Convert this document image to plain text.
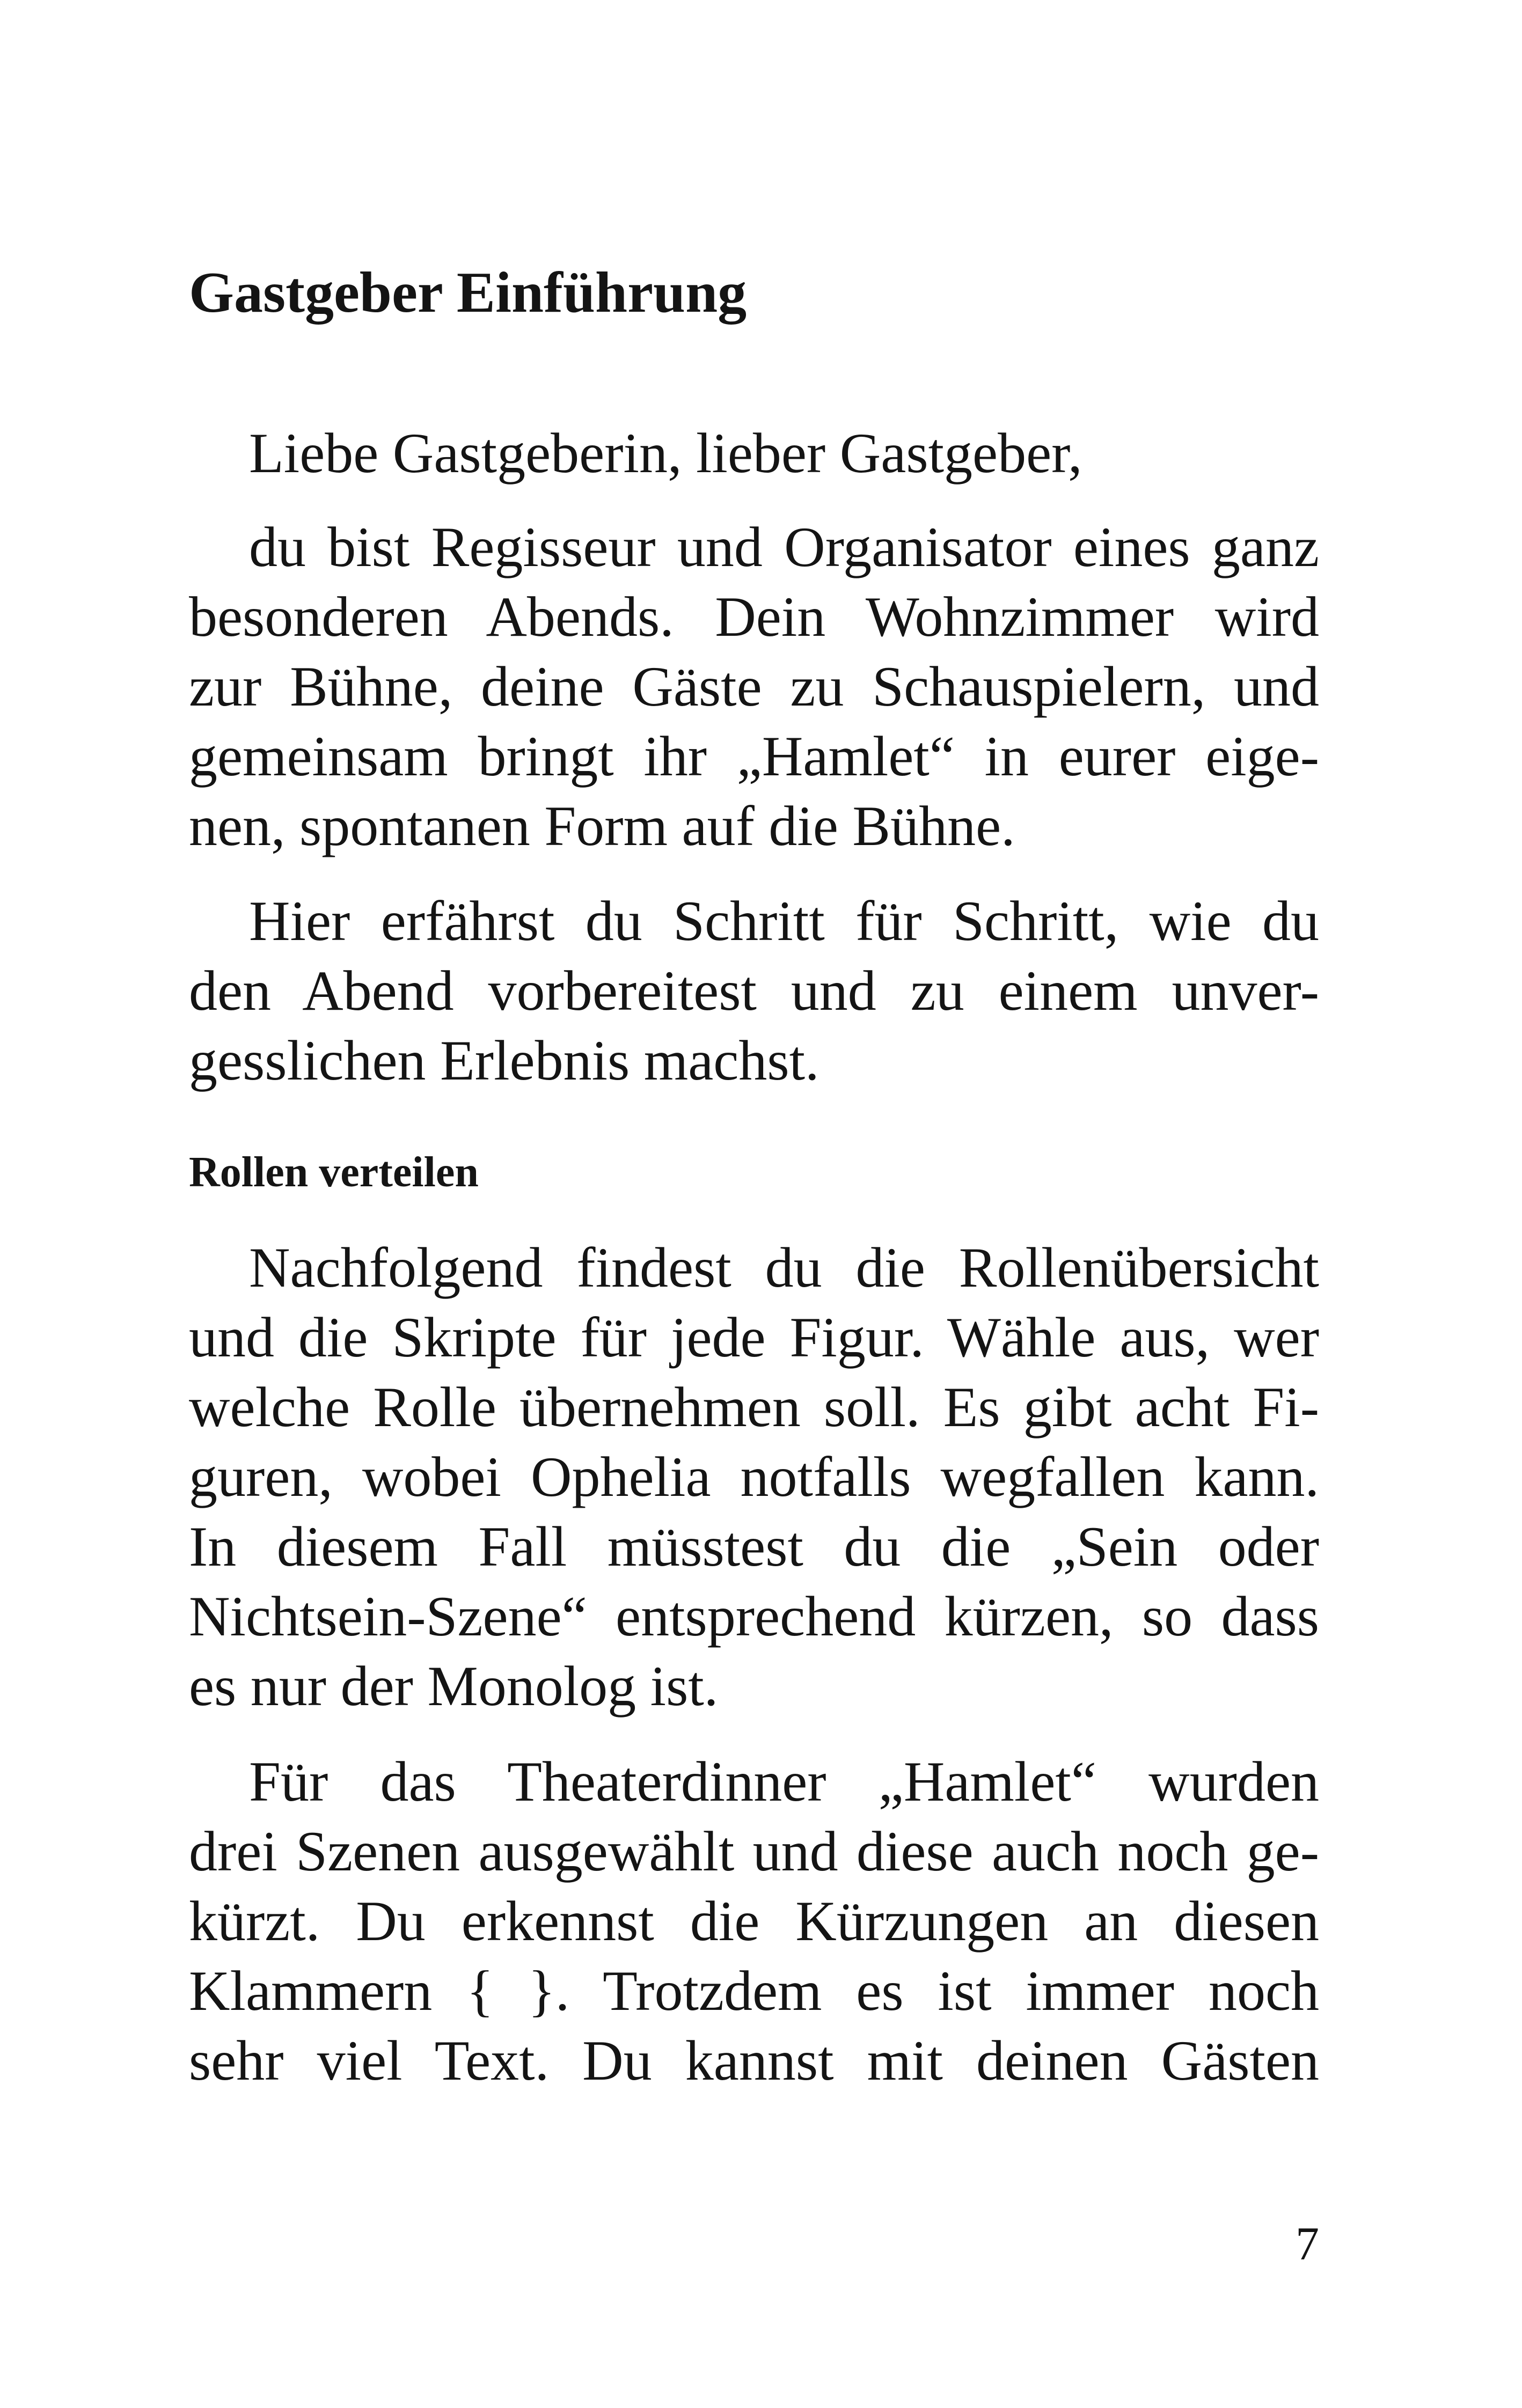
Gastgeber Einführung

Liebe Gastgeberin, lieber Gastgeber,

du bist Regisseur und Organisator eines ganz

besonderen Abends. Dein Wohnzimmer wird

zur Bühne, deine Gäste zu Schauspielern, und

gemeinsam bringt ihr „Hamlet“ in eurer eige-

nen, spontanen Form auf die Bühne.

Hier erfährst du Schritt für Schritt, wie du

den Abend vorbereitest und zu einem unver-

gesslichen Erlebnis machst.

Rollen verteilen

Nachfolgend findest du die Rollenübersicht

und die Skripte für jede Figur. Wähle aus, wer

welche Rolle übernehmen soll. Es gibt acht Fi-

guren, wobei Ophelia notfalls wegfallen kann.

In diesem Fall müsstest du die „Sein oder

Nichtsein-Szene“ entsprechend kürzen, so dass

es nur der Monolog ist.

Für das Theaterdinner „Hamlet“ wurden

drei Szenen ausgewählt und diese auch noch ge-

kürzt. Du erkennst die Kürzungen an diesen

Klammern { }. Trotzdem es ist immer noch

sehr viel Text. Du kannst mit deinen Gästen

7
